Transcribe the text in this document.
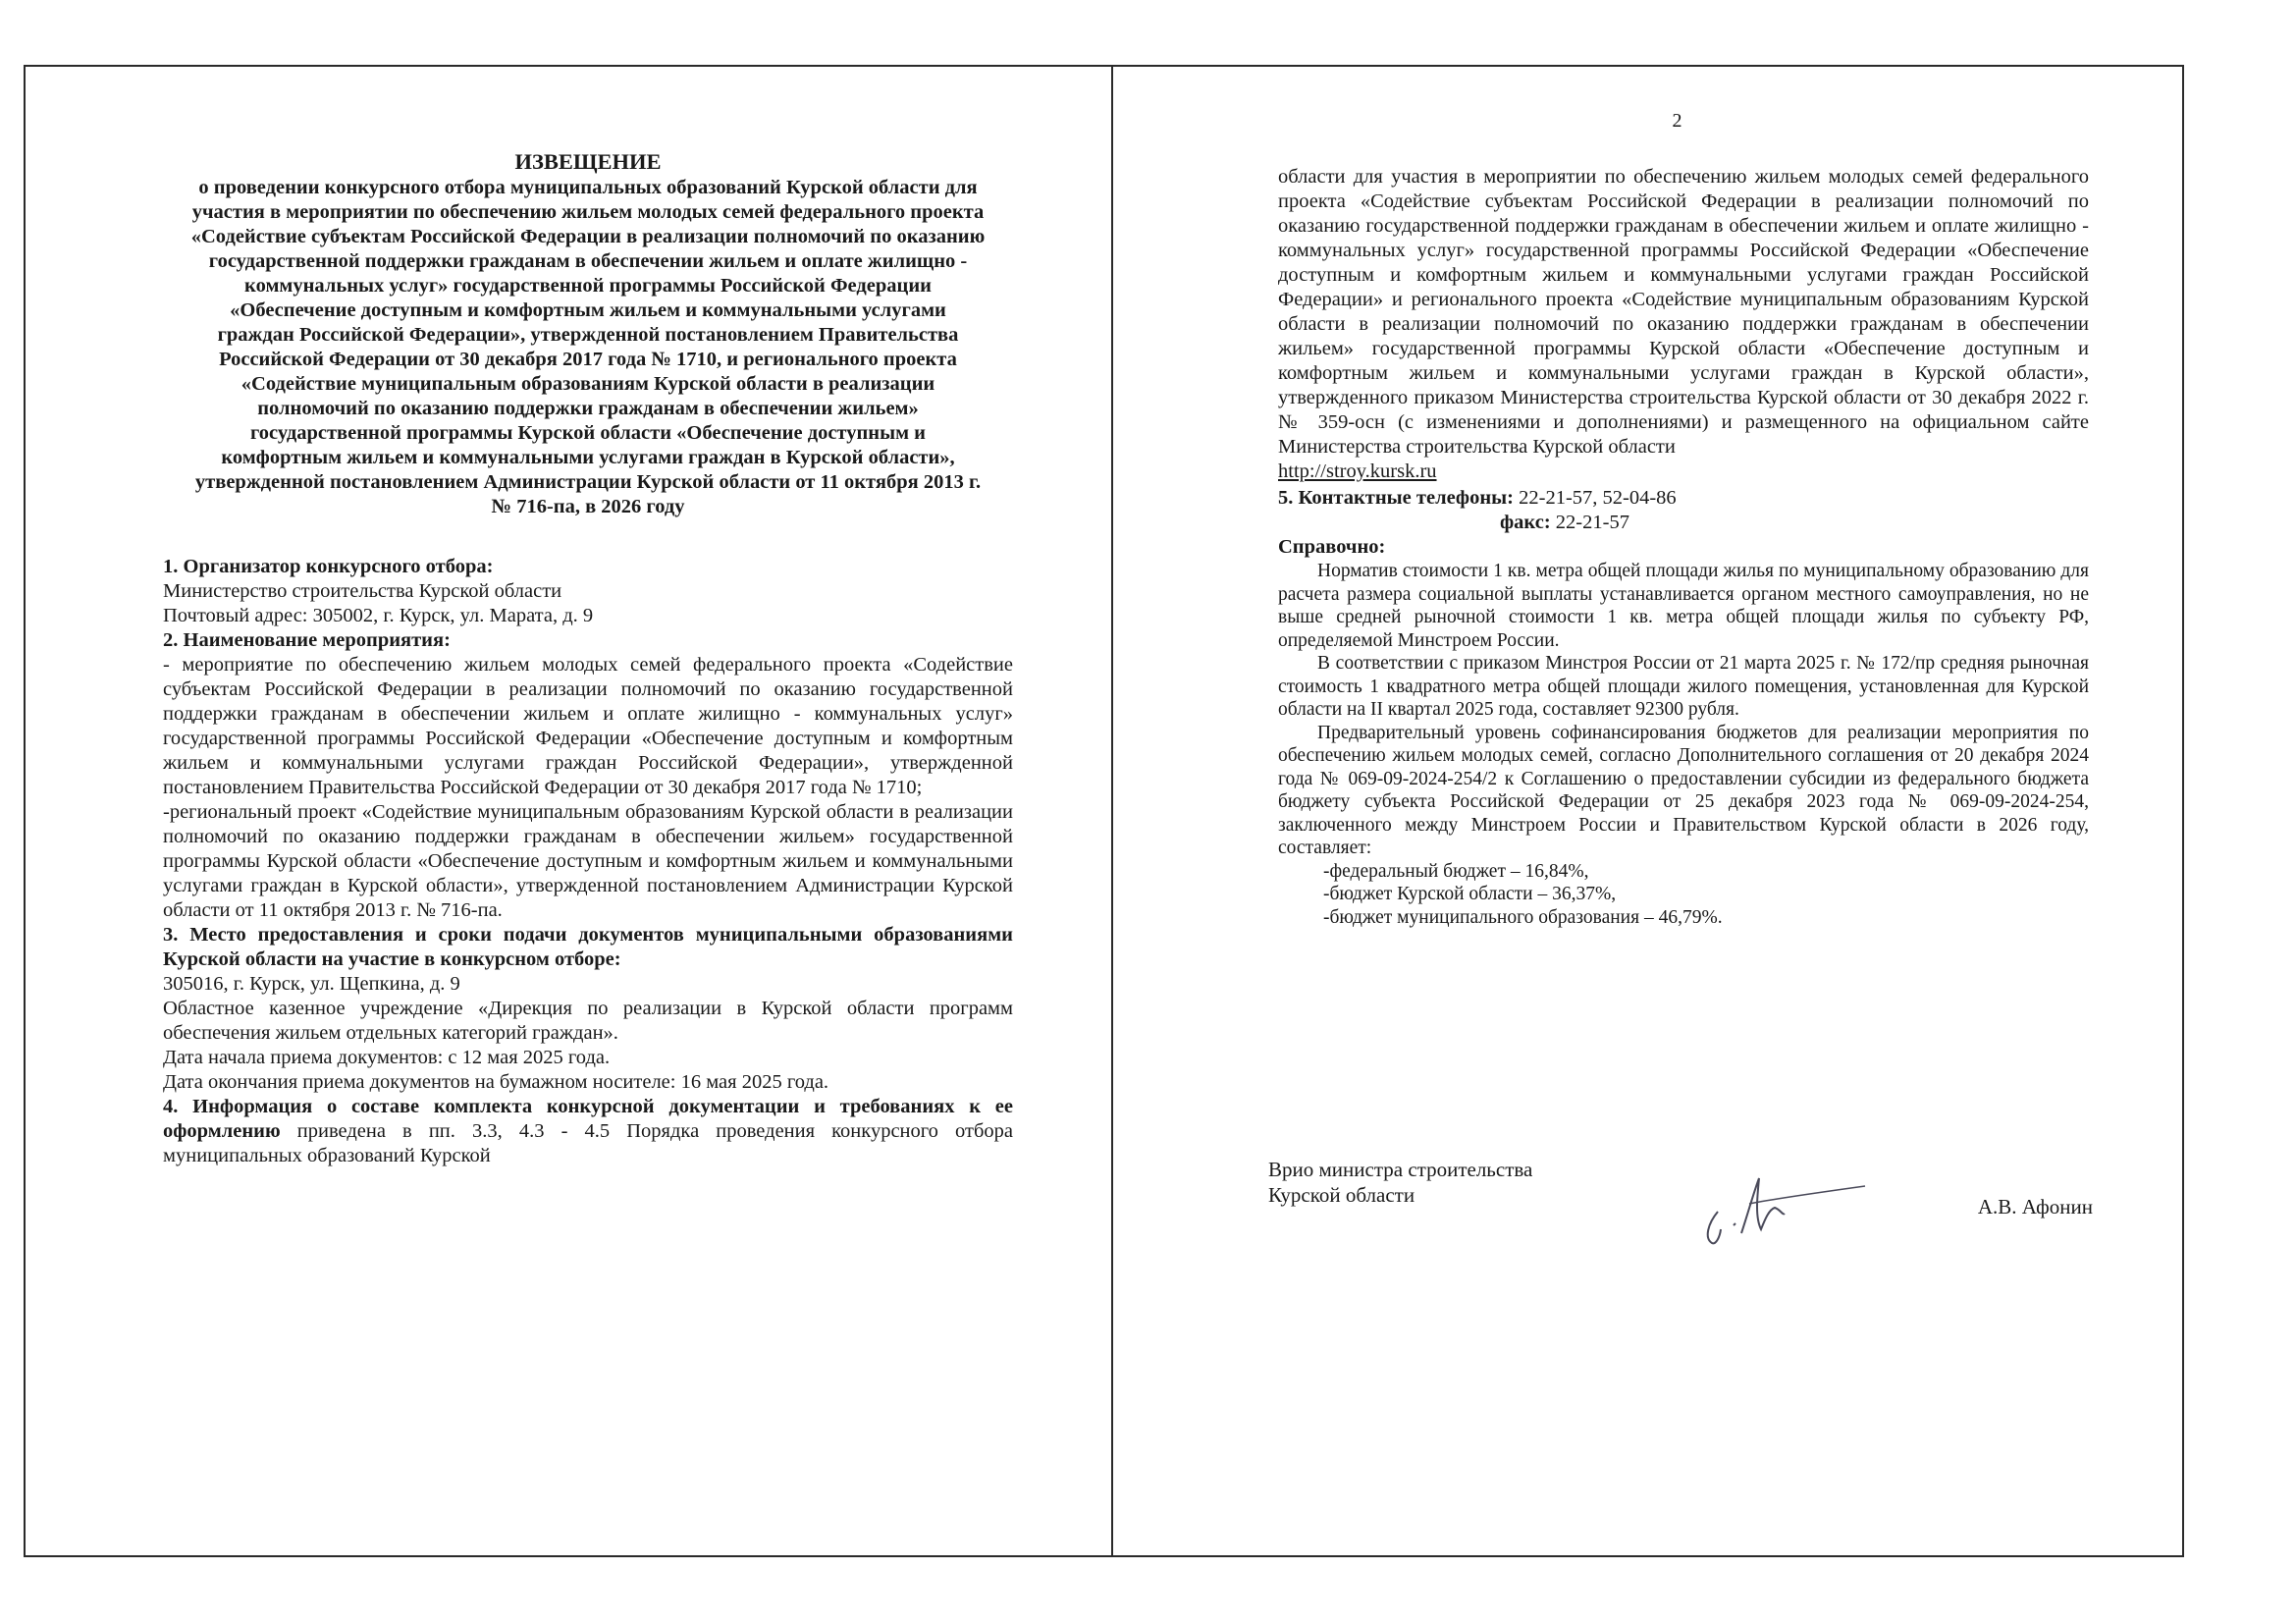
ИЗВЕЩЕНИЕ
о проведении конкурсного отбора муниципальных образований Курской области для участия в мероприятии по обеспечению жильем молодых семей федерального проекта «Содействие субъектам Российской Федерации в реализации полномочий по оказанию государственной поддержки гражданам в обеспечении жильем и оплате жилищно - коммунальных услуг» государственной программы Российской Федерации «Обеспечение доступным и комфортным жильем и коммунальными услугами граждан Российской Федерации», утвержденной постановлением Правительства Российской Федерации от 30 декабря 2017 года № 1710, и регионального проекта «Содействие муниципальным образованиям Курской области в реализации полномочий по оказанию поддержки гражданам в обеспечении жильем» государственной программы Курской области «Обеспечение доступным и комфортным жильем и коммунальными услугами граждан в Курской области», утвержденной постановлением Администрации Курской области от 11 октября 2013 г. № 716-па, в 2026 году
1. Организатор конкурсного отбора:
Министерство строительства Курской области
Почтовый адрес: 305002, г. Курск, ул. Марата, д. 9
2. Наименование мероприятия:
- мероприятие по обеспечению жильем молодых семей федерального проекта «Содействие субъектам Российской Федерации в реализации полномочий по оказанию государственной поддержки гражданам в обеспечении жильем и оплате жилищно - коммунальных услуг» государственной программы Российской Федерации «Обеспечение доступным и комфортным жильем и коммунальными услугами граждан Российской Федерации», утвержденной постановлением Правительства Российской Федерации от 30 декабря 2017 года № 1710;
-региональный проект «Содействие муниципальным образованиям Курской области в реализации полномочий по оказанию поддержки гражданам в обеспечении жильем» государственной программы Курской области «Обеспечение доступным и комфортным жильем и коммунальными услугами граждан в Курской области», утвержденной постановлением Администрации Курской области от 11 октября 2013 г. № 716-па.
3. Место предоставления и сроки подачи документов муниципальными образованиями Курской области на участие в конкурсном отборе:
305016, г. Курск, ул. Щепкина, д. 9
Областное казенное учреждение «Дирекция по реализации в Курской области программ обеспечения жильем отдельных категорий граждан».
Дата начала приема документов: с 12 мая 2025 года.
Дата окончания приема документов на бумажном носителе: 16 мая 2025 года.
4. Информация о составе комплекта конкурсной документации и требованиях к ее оформлению приведена в пп. 3.3, 4.3 - 4.5 Порядка проведения конкурсного отбора муниципальных образований Курской
2
области для участия в мероприятии по обеспечению жильем молодых семей федерального проекта «Содействие субъектам Российской Федерации в реализации полномочий по оказанию государственной поддержки гражданам в обеспечении жильем и оплате жилищно - коммунальных услуг» государственной программы Российской Федерации «Обеспечение доступным и комфортным жильем и коммунальными услугами граждан Российской Федерации» и регионального проекта «Содействие муниципальным образованиям Курской области в реализации полномочий по оказанию поддержки гражданам в обеспечении жильем» государственной программы Курской области «Обеспечение доступным и комфортным жильем и коммунальными услугами граждан в Курской области», утвержденного приказом Министерства строительства Курской области от 30 декабря 2022 г. № 359-осн (с изменениями и дополнениями) и размещенного на официальном сайте Министерства строительства Курской области
http://stroy.kursk.ru
5. Контактные телефоны: 22-21-57, 52-04-86
факс: 22-21-57
Справочно:
Норматив стоимости 1 кв. метра общей площади жилья по муниципальному образованию для расчета размера социальной выплаты устанавливается органом местного самоуправления, но не выше средней рыночной стоимости 1 кв. метра общей площади жилья по субъекту РФ, определяемой Минстроем России.
В соответствии с приказом Минстроя России от 21 марта 2025 г. № 172/пр средняя рыночная стоимость 1 квадратного метра общей площади жилого помещения, установленная для Курской области на II квартал 2025 года, составляет 92300 рубля.
Предварительный уровень софинансирования бюджетов для реализации мероприятия по обеспечению жильем молодых семей, согласно Дополнительного соглашения от 20 декабря 2024 года № 069-09-2024-254/2 к Соглашению о предоставлении субсидии из федерального бюджета бюджету субъекта Российской Федерации от 25 декабря 2023 года № 069-09-2024-254, заключенного между Минстроем России и Правительством Курской области в 2026 году, составляет:
-федеральный бюджет – 16,84%,
-бюджет Курской области – 36,37%,
-бюджет муниципального образования – 46,79%.
Врио министра строительства
Курской области	А.В. Афонин
